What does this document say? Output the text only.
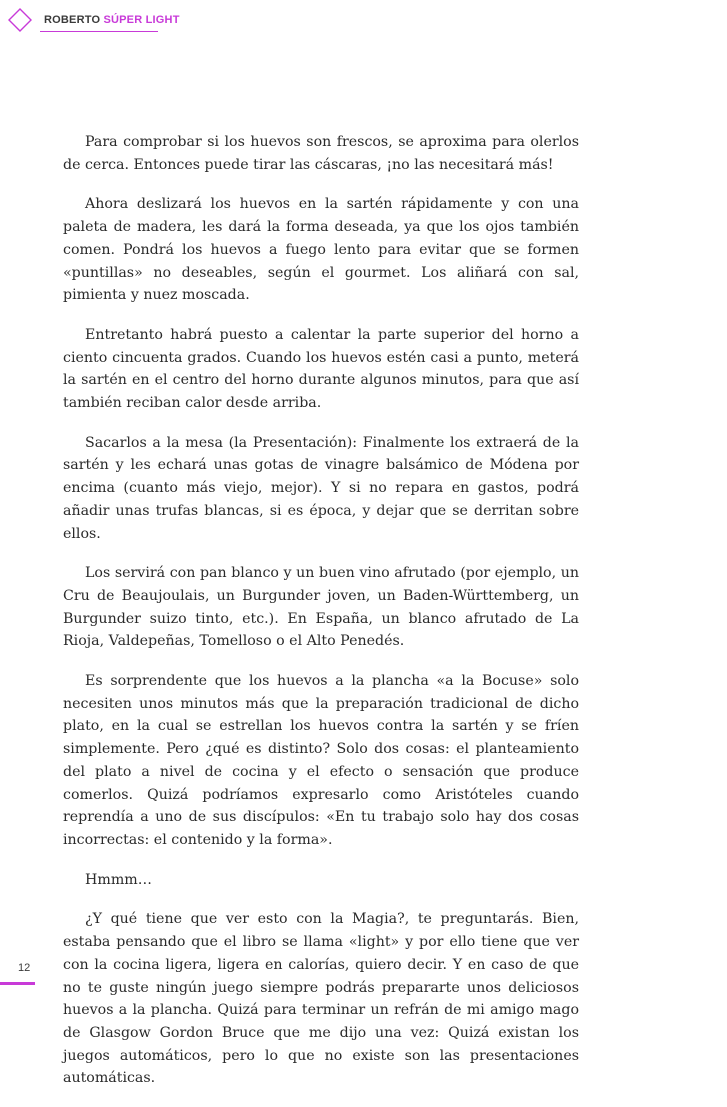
ROBERTO SÚPER LIGHT

Para comprobar si los huevos son frescos, se aproxima para olerlos de cerca. Entonces puede tirar las cáscaras, ¡no las necesitará más!

Ahora deslizará los huevos en la sartén rápidamente y con una paleta de madera, les dará la forma deseada, ya que los ojos también comen. Pondrá los huevos a fuego lento para evitar que se formen «puntillas» no deseables, según el gourmet. Los aliñará con sal, pimienta y nuez moscada.

Entretanto habrá puesto a calentar la parte superior del horno a ciento cincuenta grados. Cuando los huevos estén casi a punto, meterá la sartén en el centro del horno durante algunos minutos, para que así también reciban calor desde arriba.

Sacarlos a la mesa (la Presentación): Finalmente los extraerá de la sartén y les echará unas gotas de vinagre balsámico de Módena por encima (cuanto más viejo, mejor). Y si no repara en gastos, podrá añadir unas trufas blancas, si es época, y dejar que se derritan sobre ellos.

Los servirá con pan blanco y un buen vino afrutado (por ejemplo, un Cru de Beaujoulais, un Burgunder joven, un Baden-Württemberg, un Burgunder suizo tinto, etc.). En España, un blanco afrutado de La Rioja, Valdepeñas, Tomelloso o el Alto Penedés.

Es sorprendente que los huevos a la plancha «a la Bocuse» solo necesiten unos minutos más que la preparación tradicional de dicho plato, en la cual se estrellan los huevos contra la sartén y se fríen simplemente. Pero ¿qué es distinto? Solo dos cosas: el planteamiento del plato a nivel de cocina y el efecto o sensación que produce comerlos. Quizá podríamos expresarlo como Aristóteles cuando reprendía a uno de sus discípulos: «En tu trabajo solo hay dos cosas incorrectas: el contenido y la forma».

Hmmm…

¿Y qué tiene que ver esto con la Magia?, te preguntarás. Bien, estaba pensando que el libro se llama «light» y por ello tiene que ver con la cocina ligera, ligera en calorías, quiero decir. Y en caso de que no te guste ningún juego siempre podrás prepararte unos deliciosos huevos a la plancha. Quizá para terminar un refrán de mi amigo mago de Glasgow Gordon Bruce que me dijo una vez: Quizá existan los juegos automáticos, pero lo que no existe son las presentaciones automáticas.

12
